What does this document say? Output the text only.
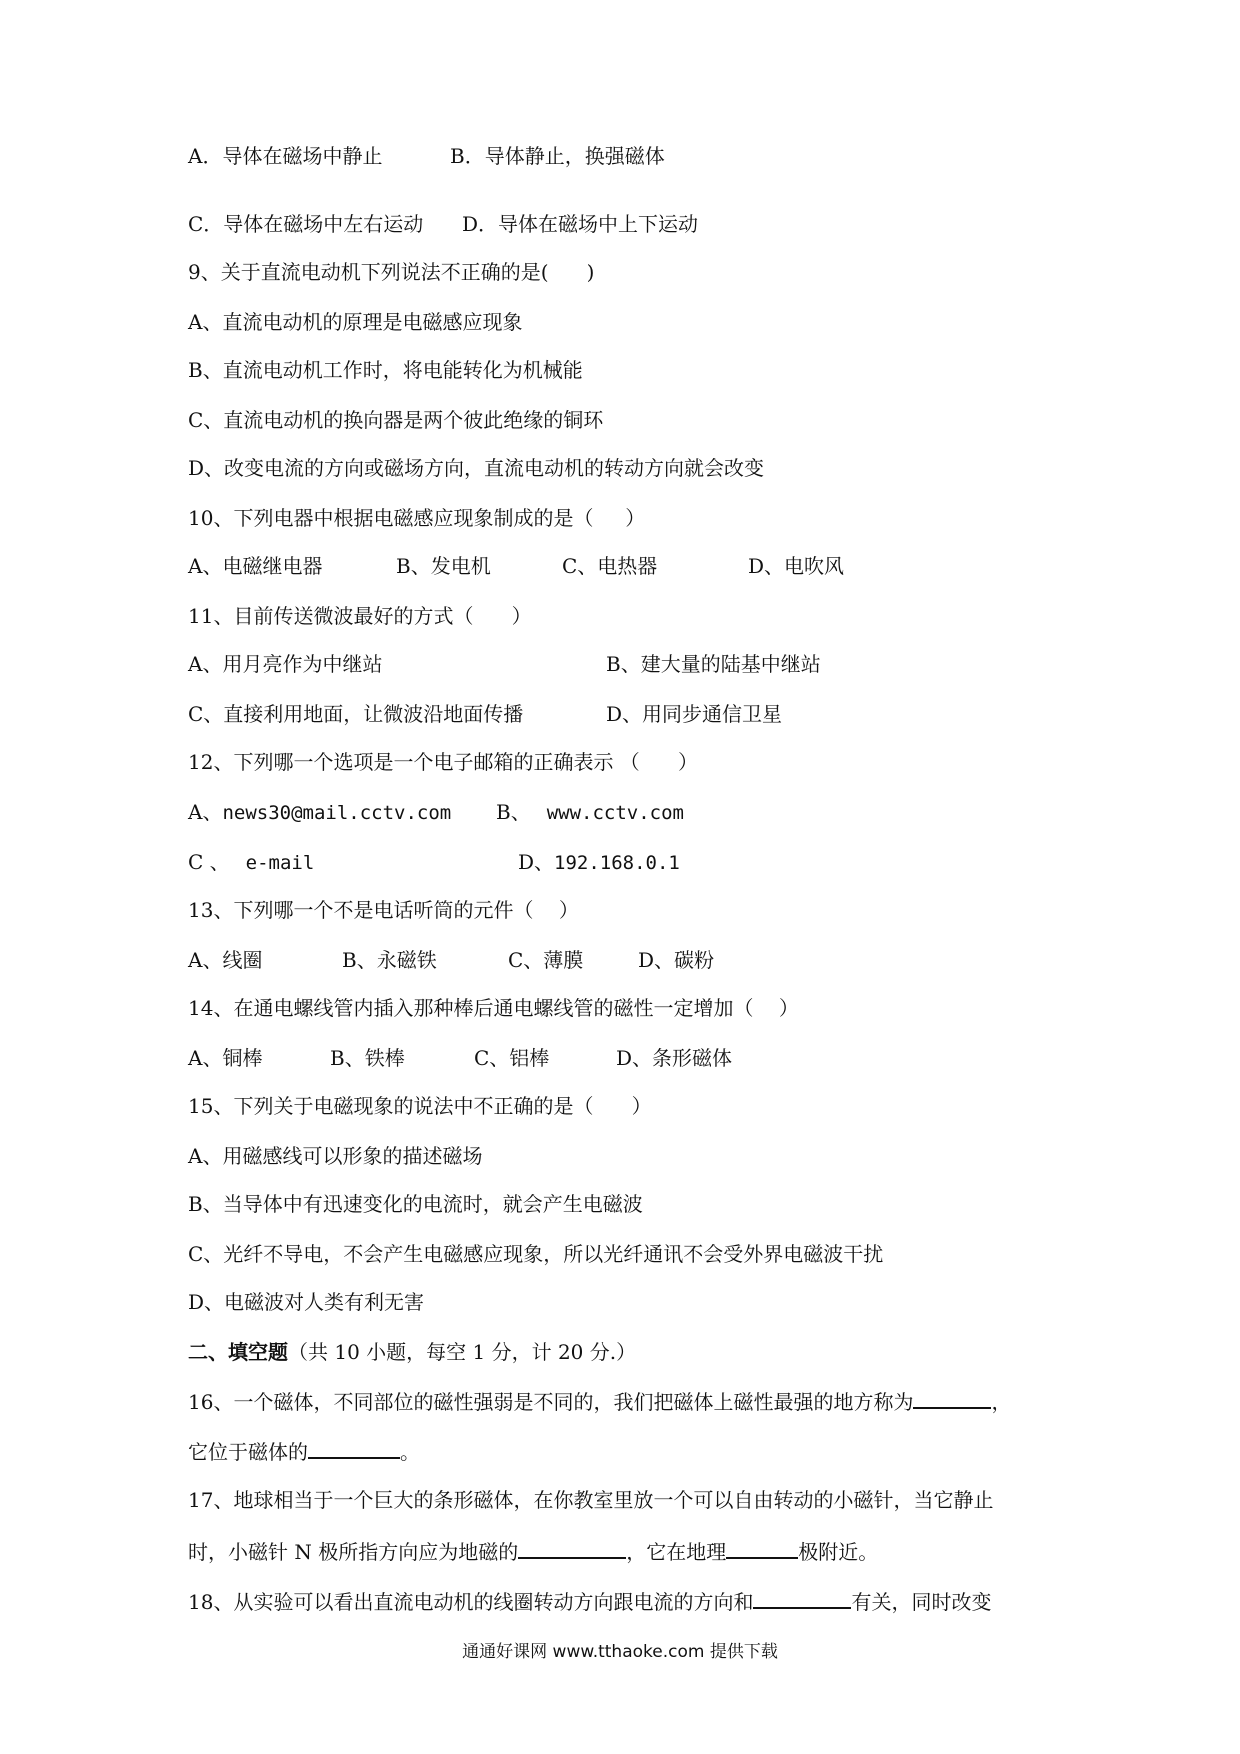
A．导体在磁场中静止	B．导体静止，换强磁体
C．导体在磁场中左右运动 D．导体在磁场中上下运动
9、关于直流电动机下列说法不正确的是(      )
A、直流电动机的原理是电磁感应现象
B、直流电动机工作时，将电能转化为机械能
C、直流电动机的换向器是两个彼此绝缘的铜环
D、改变电流的方向或磁场方向，直流电动机的转动方向就会改变
10、下列电器中根据电磁感应现象制成的是（     ）
A、电磁继电器	B、发电机	C、电热器	D、电吹风
11、目前传送微波最好的方式（      ）
A、用月亮作为中继站	B、建大量的陆基中继站
C、直接利用地面，让微波沿地面传播	D、用同步通信卫星
12、下列哪一个选项是一个电子邮箱的正确表示 （      ）
A、news30@mail.cctv.com B、 www.cctv.com
C 、 e-mail	D、192.168.0.1
13、下列哪一个不是电话听筒的元件（    ）
A、线圈	B、永磁铁	C、薄膜	D、碳粉
14、在通电螺线管内插入那种棒后通电螺线管的磁性一定增加（    ）
A、铜棒	B、铁棒	C、铝棒	D、条形磁体
15、下列关于电磁现象的说法中不正确的是（      ）
A、用磁感线可以形象的描述磁场
B、当导体中有迅速变化的电流时，就会产生电磁波
C、光纤不导电，不会产生电磁感应现象，所以光纤通讯不会受外界电磁波干扰
D、电磁波对人类有利无害
二、填空题（共 10 小题，每空 1 分，计 20 分.）
16、一个磁体，不同部位的磁性强弱是不同的，我们把磁体上磁性最强的地方称为	，
它位于磁体的	。
17、地球相当于一个巨大的条形磁体，在你教室里放一个可以自由转动的小磁针，当它静止
时，小磁针 N 极所指方向应为地磁的	，它在地理	极附近。
18、从实验可以看出直流电动机的线圈转动方向跟电流的方向和	有关，同时改变
通通好课网 www.tthaoke.com 提供下载
